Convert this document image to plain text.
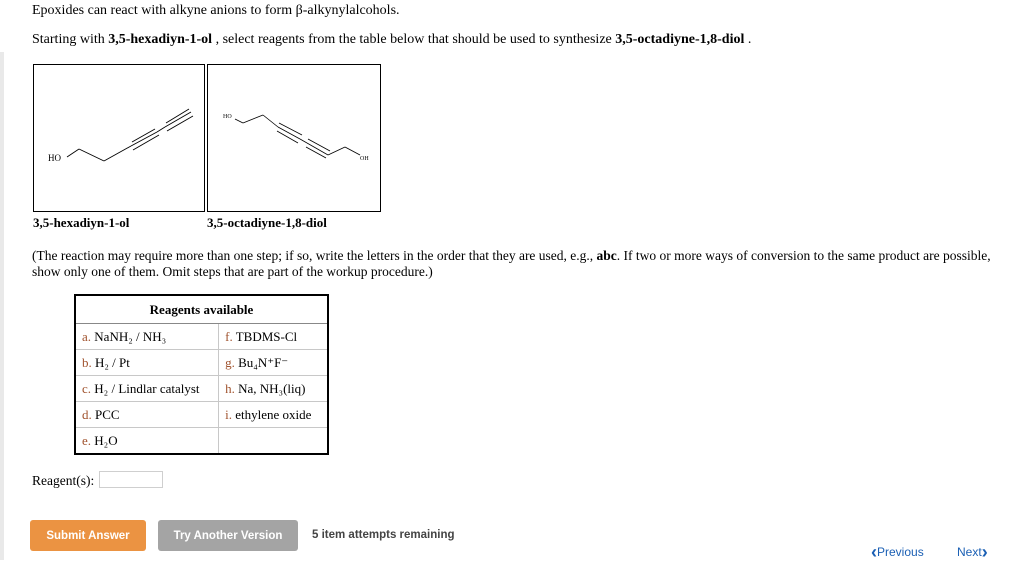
Epoxides can react with alkyne anions to form β-alkynylalcohols.
Starting with 3,5-hexadiyn-1-ol , select reagents from the table below that should be used to synthesize 3,5-octadiyne-1,8-diol .
HO
HO
OH
3,5-hexadiyn-1-ol	3,5-octadiyne-1,8-diol
(The reaction may require more than one step; if so, write the letters in the order that they are used, e.g., abc. If two or more ways of conversion to the same product are possible, show only one of them. Omit steps that are part of the workup procedure.)
Reagents available	
a. NaNH₂ / NH₃	f. TBDMS-Cl
b. H₂ / Pt	g. Bu₄N⁺F⁻
c. H₂ / Lindlar catalyst	h. Na, NH₃(liq)
d. PCC	i. ethylene oxide
e. H₂O	
Reagent(s):
Submit Answer	Try Another Version	5 item attempts remaining
‹Previous	Next›
